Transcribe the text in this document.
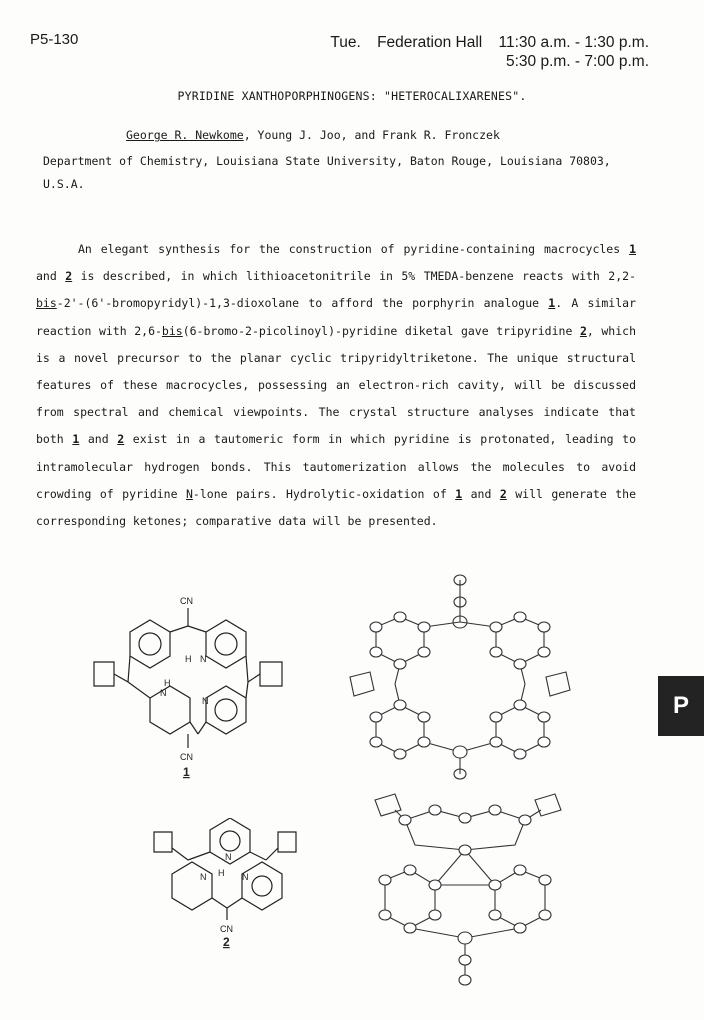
P5-130	Tue. Federation Hall 11:30 a.m. - 1:30 p.m.
5:30 p.m. - 7:00 p.m.
PYRIDINE XANTHOPORPHINOGENS: "HETEROCALIXARENES".
George R. Newkome, Young J. Joo, and Frank R. Fronczek
Department of Chemistry, Louisiana State University, Baton Rouge, Louisiana 70803, U.S.A.

An elegant synthesis for the construction of pyridine-containing macrocycles 1 and 2 is described, in which lithioacetonitrile in 5% TMEDA-benzene reacts with 2,2-bis-2'-(6'-bromopyridyl)-1,3-dioxolane to afford the porphyrin analogue 1. A similar reaction with 2,6-bis(6-bromo-2-picolinoyl)-pyridine diketal gave tripyridine 2, which is a novel precursor to the planar cyclic tripyridyltriketone. The unique structural features of these macrocycles, possessing an electron-rich cavity, will be discussed from spectral and chemical viewpoints. The crystal structure analyses indicate that both 1 and 2 exist in a tautomeric form in which pyridine is protonated, leading to intramolecular hydrogen bonds. This tautomerization allows the molecules to avoid crowding of pyridine N-lone pairs. Hydrolytic-oxidation of 1 and 2 will generate the corresponding ketones; comparative data will be presented.

CN
N
H
H
N
N
CN
1
N
N H N
CN
2
P
